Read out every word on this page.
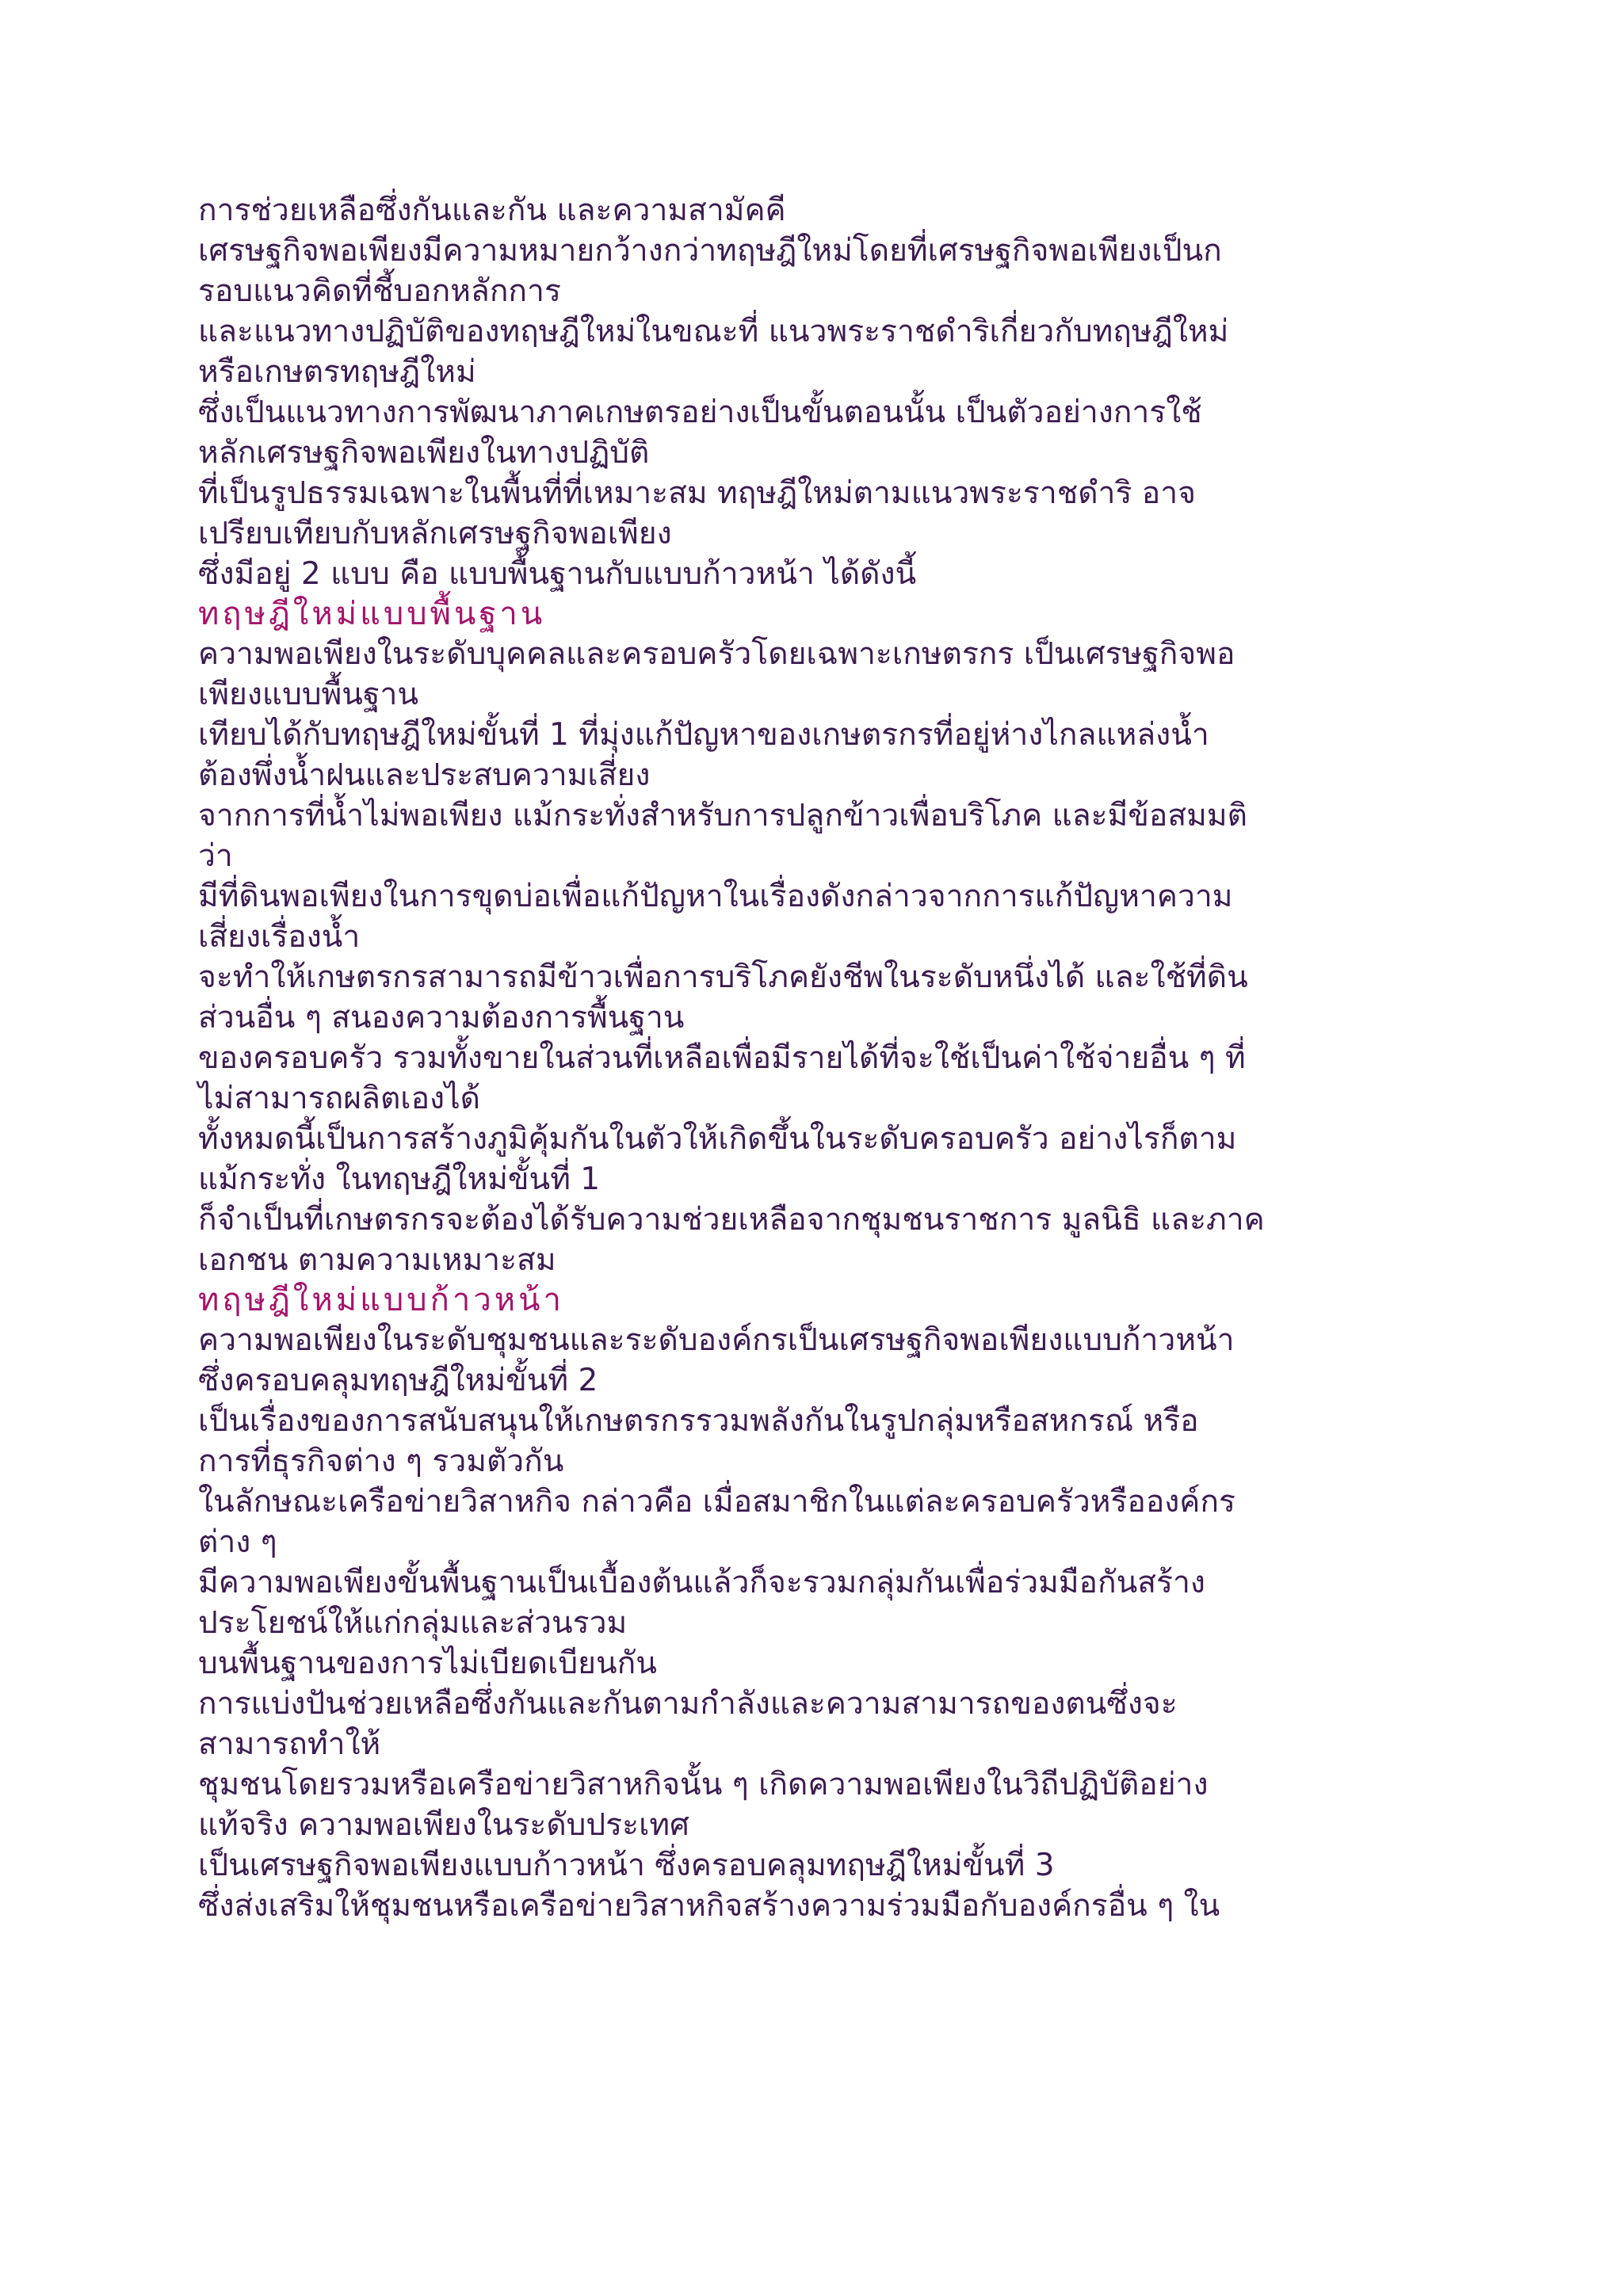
การช่วยเหลือซึ่งกันและกัน และความสามัคคี
เศรษฐกิจพอเพียงมีความหมายกว้างกว่าทฤษฎีใหม่โดยที่เศรษฐกิจพอเพียงเป็นก
รอบแนวคิดที่ชี้บอกหลักการ
และแนวทางปฏิบัติของทฤษฎีใหม่ในขณะที่ แนวพระราชดำริเกี่ยวกับทฤษฎีใหม่
หรือเกษตรทฤษฎีใหม่
ซึ่งเป็นแนวทางการพัฒนาภาคเกษตรอย่างเป็นขั้นตอนนั้น เป็นตัวอย่างการใช้
หลักเศรษฐกิจพอเพียงในทางปฏิบัติ
ที่เป็นรูปธรรมเฉพาะในพื้นที่ที่เหมาะสม ทฤษฎีใหม่ตามแนวพระราชดำริ อาจ
เปรียบเทียบกับหลักเศรษฐกิจพอเพียง
ซึ่งมีอยู่ 2 แบบ คือ แบบพื้นฐานกับแบบก้าวหน้า ได้ดังนี้
ทฤษฎีใหม่แบบพื้นฐาน
ความพอเพียงในระดับบุคคลและครอบครัวโดยเฉพาะเกษตรกร เป็นเศรษฐกิจพอ
เพียงแบบพื้นฐาน
เทียบได้กับทฤษฎีใหม่ขั้นที่ 1 ที่มุ่งแก้ปัญหาของเกษตรกรที่อยู่ห่างไกลแหล่งน้ำ
ต้องพึ่งน้ำฝนและประสบความเสี่ยง
จากการที่น้ำไม่พอเพียง แม้กระทั่งสำหรับการปลูกข้าวเพื่อบริโภค และมีข้อสมมติ
ว่า
มีที่ดินพอเพียงในการขุดบ่อเพื่อแก้ปัญหาในเรื่องดังกล่าวจากการแก้ปัญหาความ
เสี่ยงเรื่องน้ำ
จะทำให้เกษตรกรสามารถมีข้าวเพื่อการบริโภคยังชีพในระดับหนึ่งได้ และใช้ที่ดิน
ส่วนอื่น ๆ สนองความต้องการพื้นฐาน
ของครอบครัว รวมทั้งขายในส่วนที่เหลือเพื่อมีรายได้ที่จะใช้เป็นค่าใช้จ่ายอื่น ๆ ที่
ไม่สามารถผลิตเองได้
ทั้งหมดนี้เป็นการสร้างภูมิคุ้มกันในตัวให้เกิดขึ้นในระดับครอบครัว อย่างไรก็ตาม
แม้กระทั่ง ในทฤษฎีใหม่ขั้นที่ 1
ก็จำเป็นที่เกษตรกรจะต้องได้รับความช่วยเหลือจากชุมชนราชการ มูลนิธิ และภาค
เอกชน ตามความเหมาะสม
ทฤษฎีใหม่แบบก้าวหน้า
ความพอเพียงในระดับชุมชนและระดับองค์กรเป็นเศรษฐกิจพอเพียงแบบก้าวหน้า
ซึ่งครอบคลุมทฤษฎีใหม่ขั้นที่ 2
เป็นเรื่องของการสนับสนุนให้เกษตรกรรวมพลังกันในรูปกลุ่มหรือสหกรณ์ หรือ
การที่ธุรกิจต่าง ๆ รวมตัวกัน
ในลักษณะเครือข่ายวิสาหกิจ กล่าวคือ เมื่อสมาชิกในแต่ละครอบครัวหรือองค์กร
ต่าง ๆ
มีความพอเพียงขั้นพื้นฐานเป็นเบื้องต้นแล้วก็จะรวมกลุ่มกันเพื่อร่วมมือกันสร้าง
ประโยชน์ให้แก่กลุ่มและส่วนรวม
บนพื้นฐานของการไม่เบียดเบียนกัน
การแบ่งปันช่วยเหลือซึ่งกันและกันตามกำลังและความสามารถของตนซึ่งจะ
สามารถทำให้
ชุมชนโดยรวมหรือเครือข่ายวิสาหกิจนั้น ๆ เกิดความพอเพียงในวิถีปฏิบัติอย่าง
แท้จริง ความพอเพียงในระดับประเทศ
เป็นเศรษฐกิจพอเพียงแบบก้าวหน้า ซึ่งครอบคลุมทฤษฎีใหม่ขั้นที่ 3
ซึ่งส่งเสริมให้ชุมชนหรือเครือข่ายวิสาหกิจสร้างความร่วมมือกับองค์กรอื่น ๆ ใน
